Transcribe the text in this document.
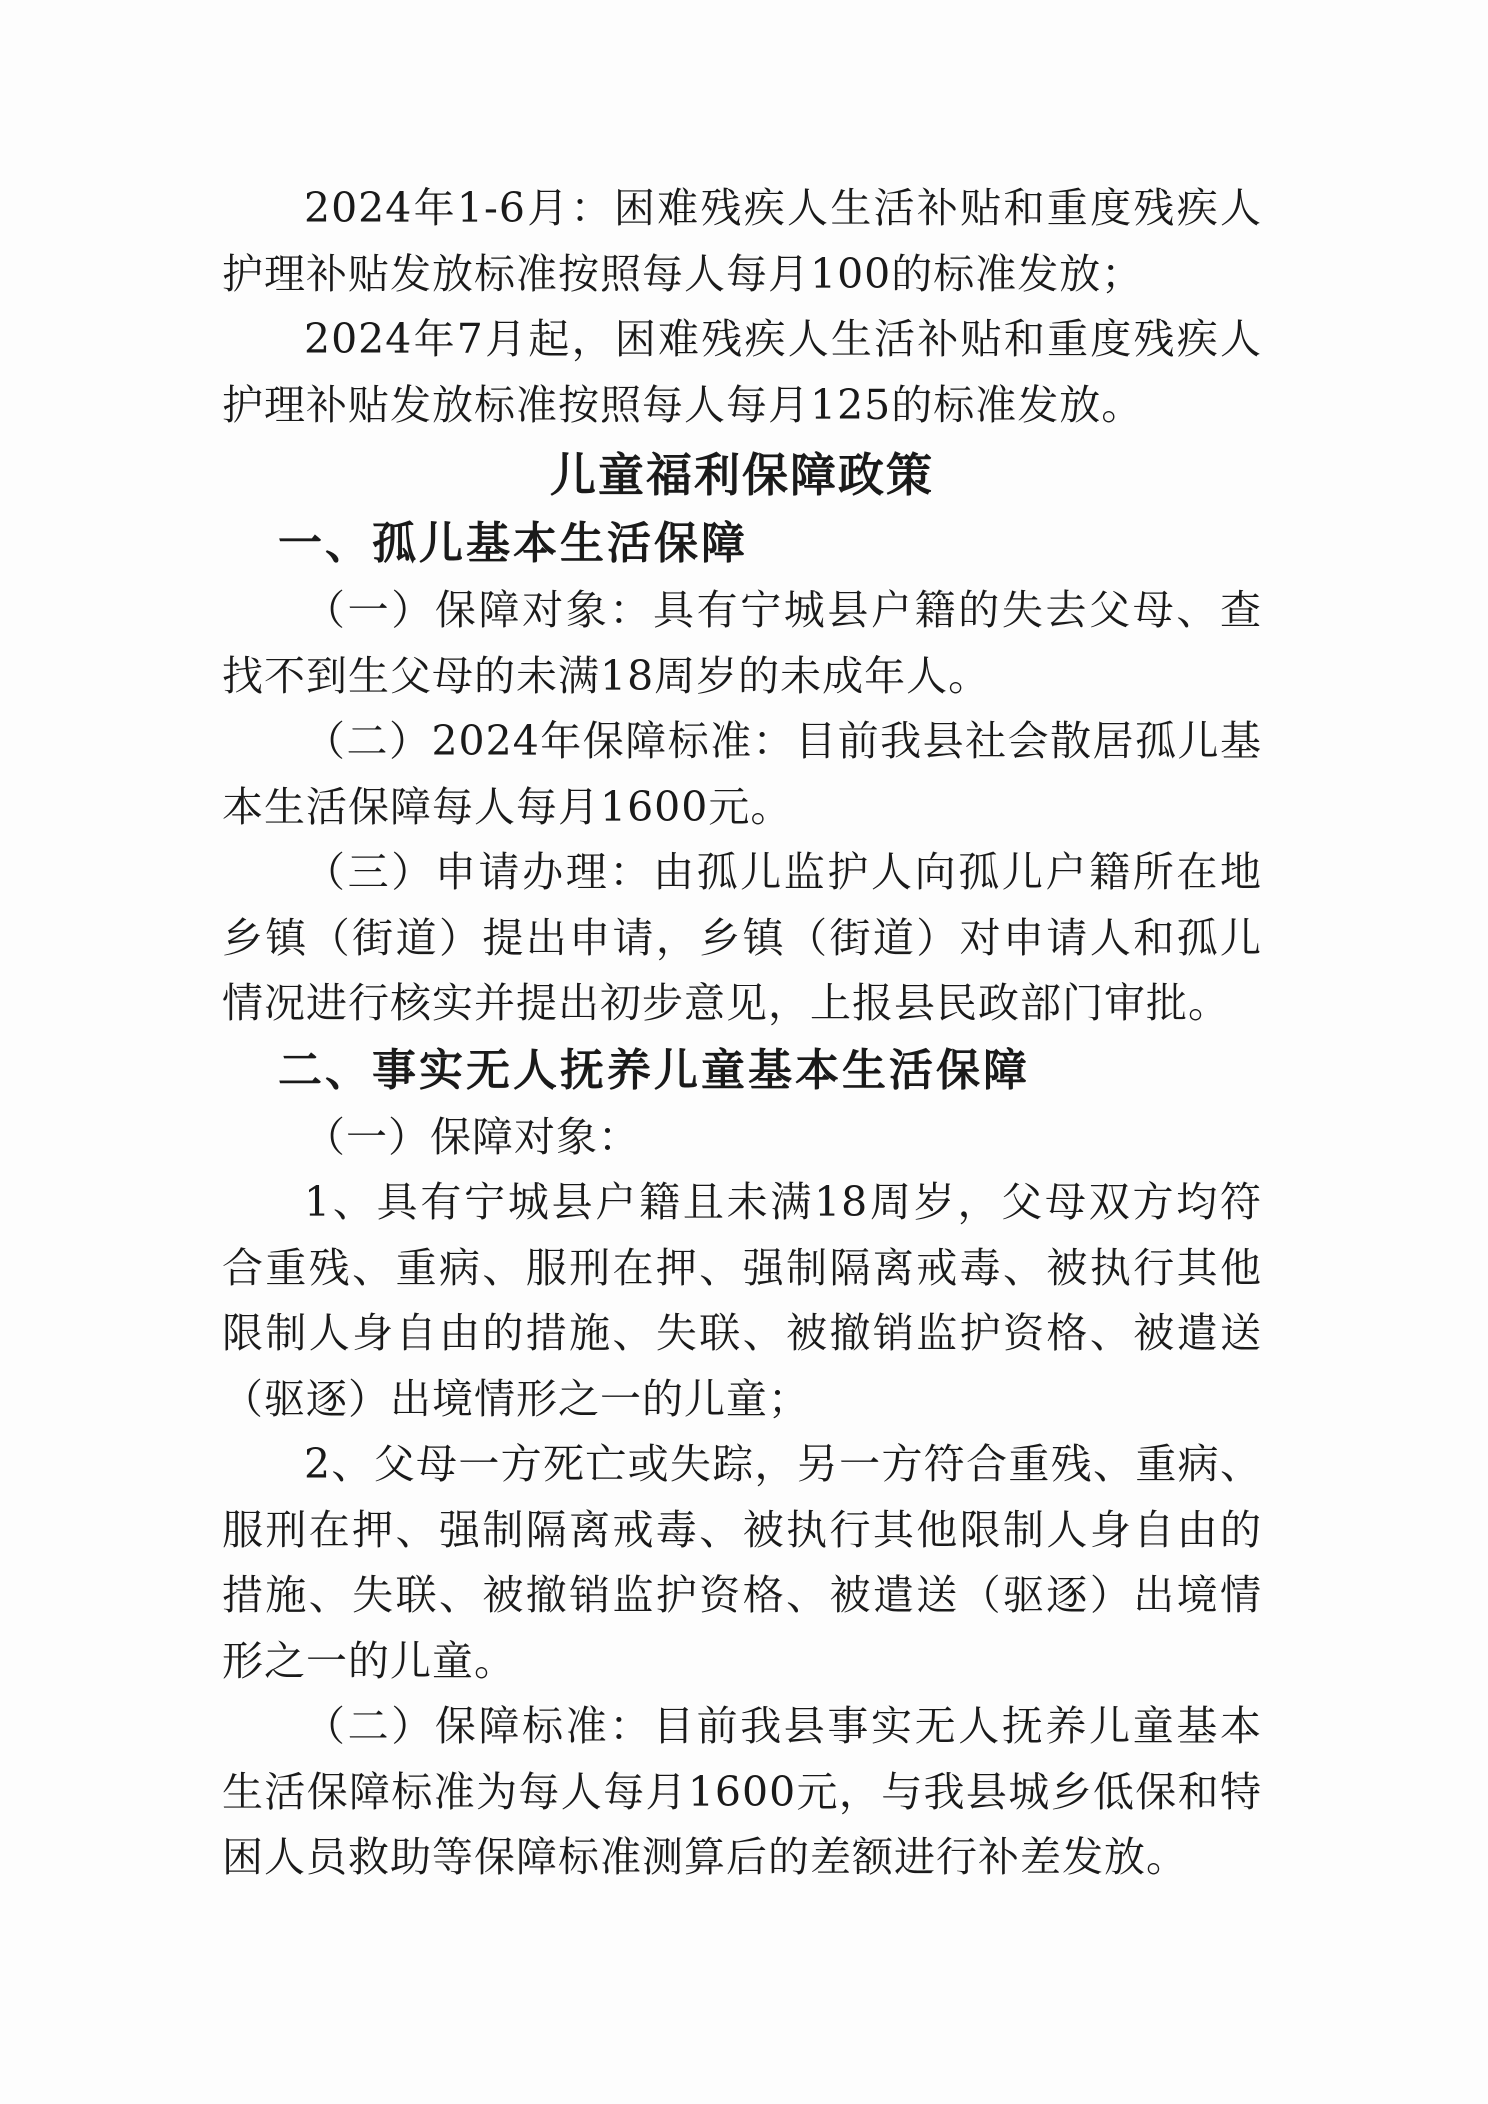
2024年1-6月：困难残疾人生活补贴和重度残疾人护理补贴发放标准按照每人每月100的标准发放；

2024年7月起，困难残疾人生活补贴和重度残疾人护理补贴发放标准按照每人每月125的标准发放。

儿童福利保障政策
一、孤儿基本生活保障

（一）保障对象：具有宁城县户籍的失去父母、查找不到生父母的未满18周岁的未成年人。

（二）2024年保障标准：目前我县社会散居孤儿基本生活保障每人每月1600元。

（三）申请办理：由孤儿监护人向孤儿户籍所在地乡镇（街道）提出申请，乡镇（街道）对申请人和孤儿情况进行核实并提出初步意见，上报县民政部门审批。

二、事实无人抚养儿童基本生活保障

（一）保障对象：

1、具有宁城县户籍且未满18周岁，父母双方均符合重残、重病、服刑在押、强制隔离戒毒、被执行其他限制人身自由的措施、失联、被撤销监护资格、被遣送（驱逐）出境情形之一的儿童；

2、父母一方死亡或失踪，另一方符合重残、重病、服刑在押、强制隔离戒毒、被执行其他限制人身自由的措施、失联、被撤销监护资格、被遣送（驱逐）出境情形之一的儿童。

（二）保障标准：目前我县事实无人抚养儿童基本生活保障标准为每人每月1600元，与我县城乡低保和特困人员救助等保障标准测算后的差额进行补差发放。
